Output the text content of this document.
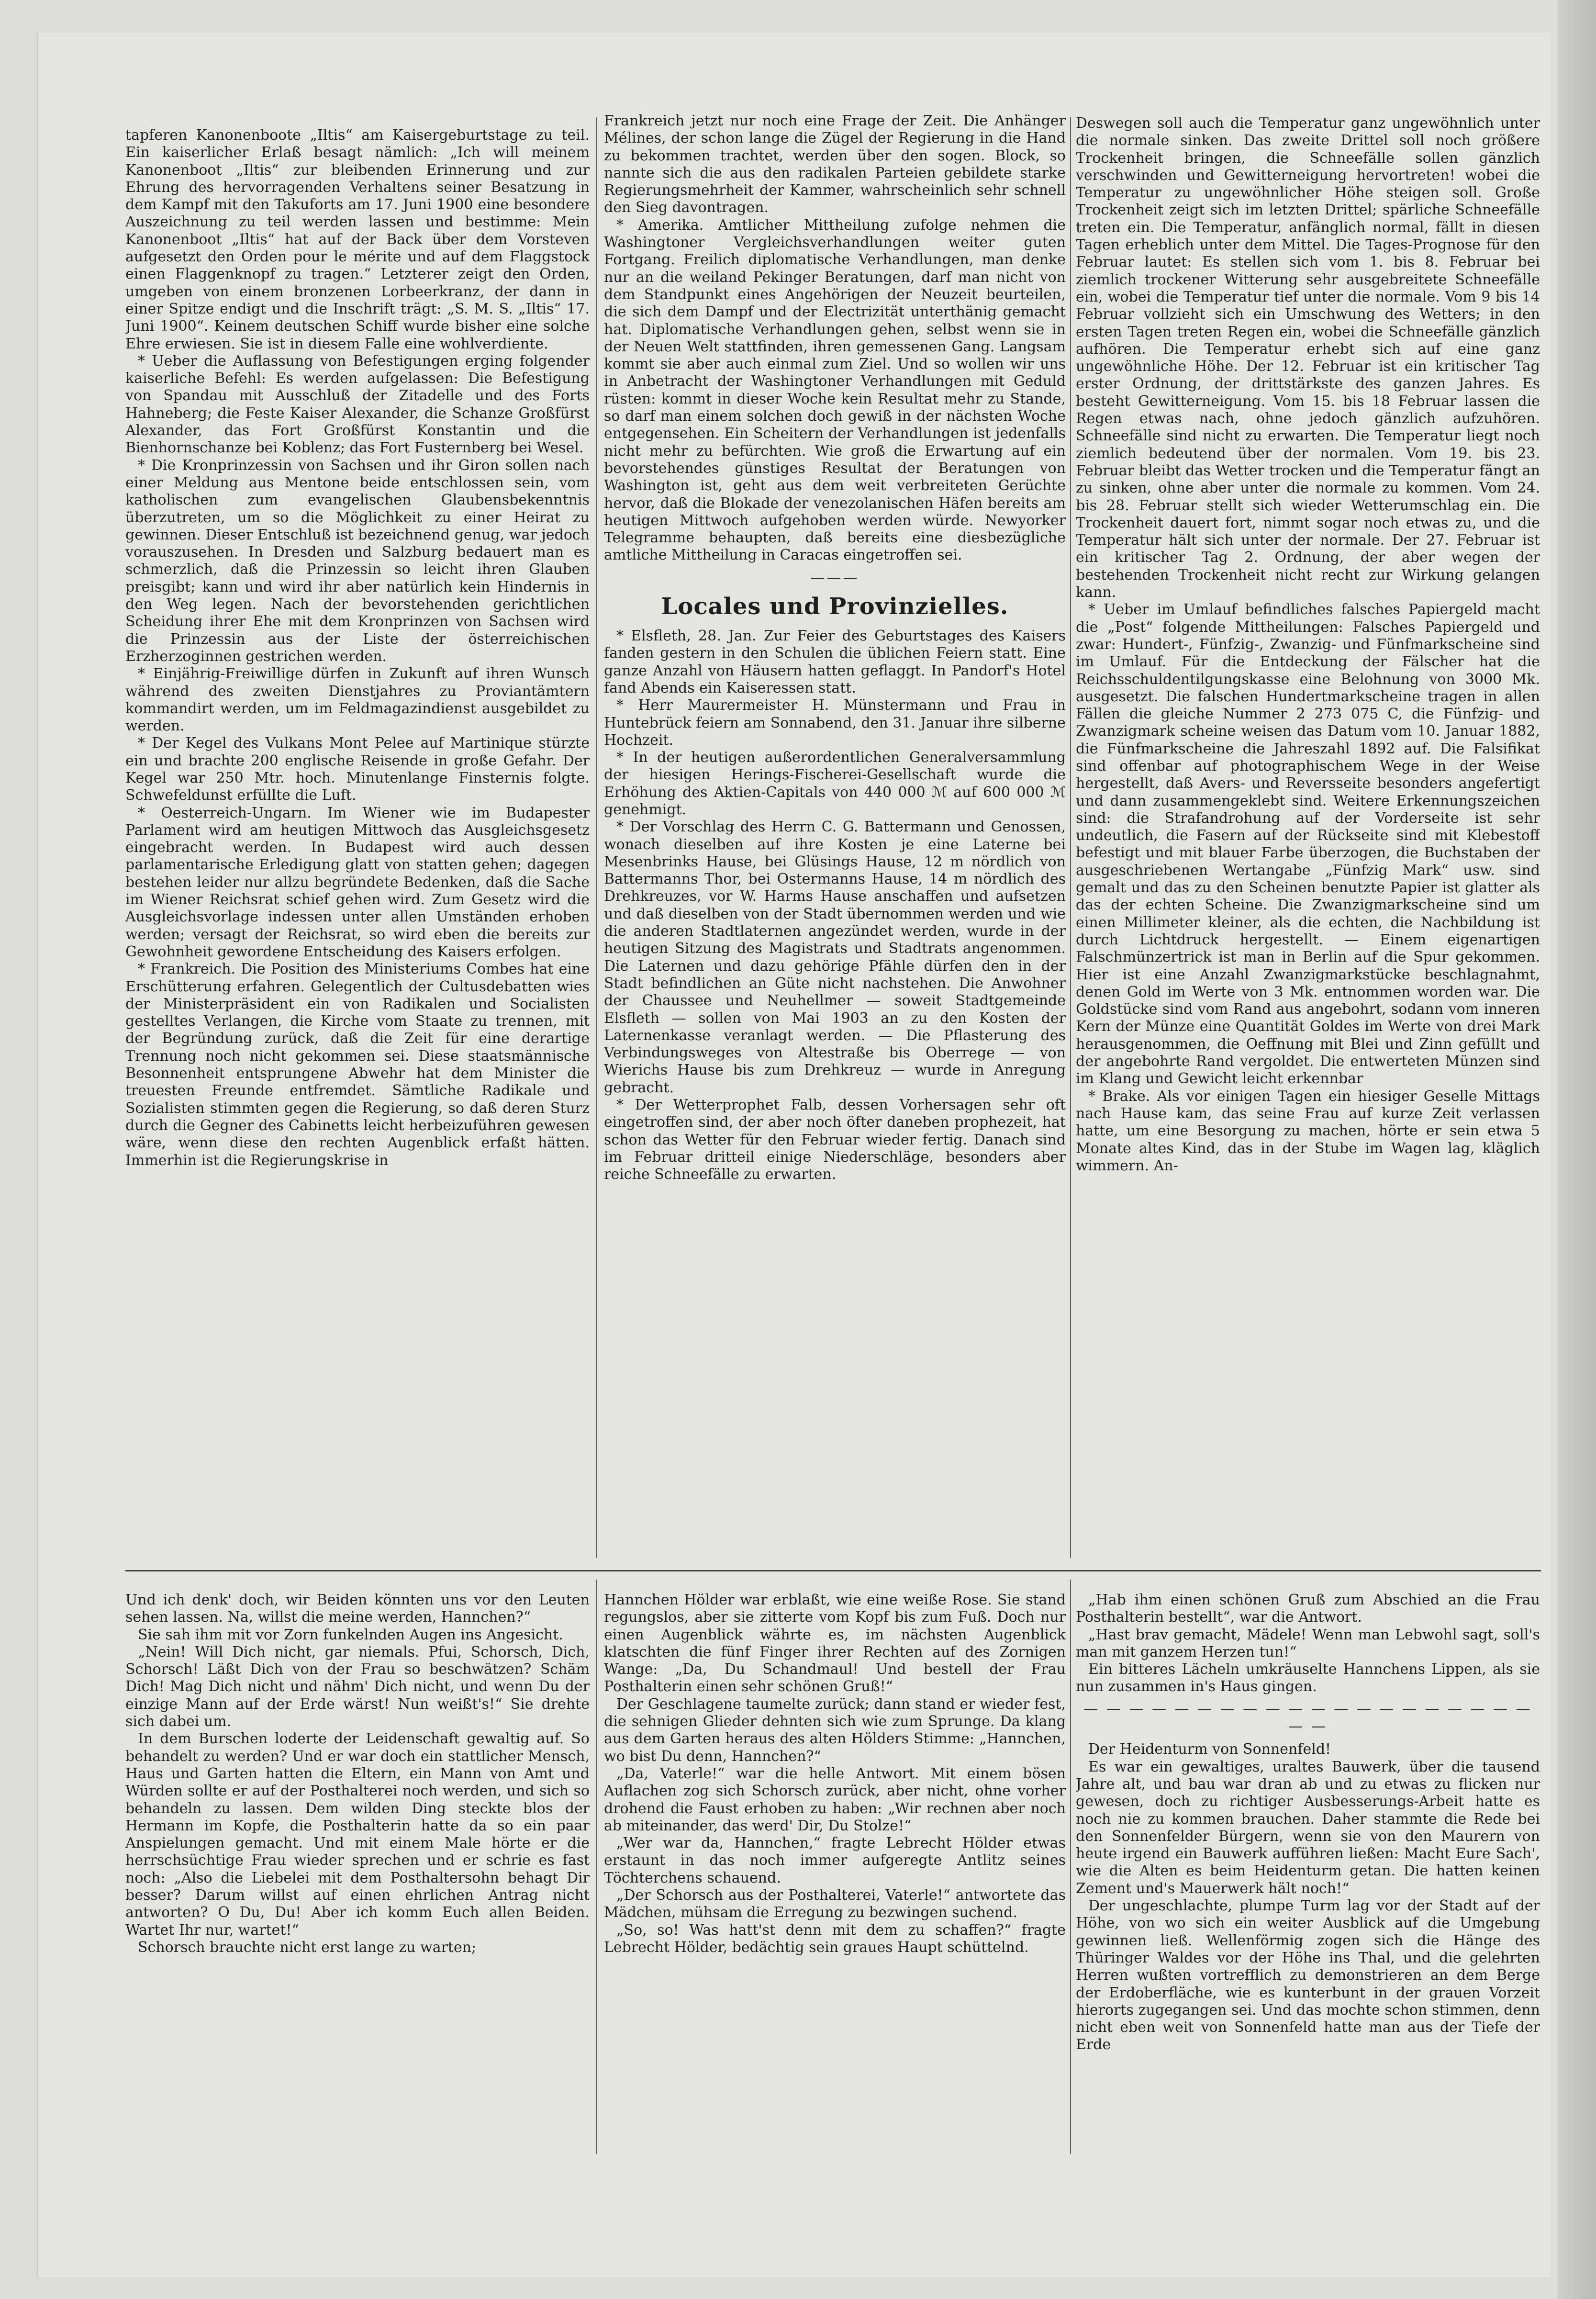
tapferen Kanonenboote „Iltis“ am Kaisergeburtstage zu teil. Ein kaiserlicher Erlaß besagt nämlich: „Ich will meinem Kanonenboot „Iltis“ zur bleibenden Erinnerung und zur Ehrung des hervorragenden Verhaltens seiner Besatzung in dem Kampf mit den Takuforts am 17. Juni 1900 eine besondere Auszeichnung zu teil werden lassen und bestimme: Mein Kanonenboot „Iltis“ hat auf der Back über dem Vorsteven aufgesetzt den Orden pour le mérite und auf dem Flaggstock einen Flaggenknopf zu tragen.“ Letzterer zeigt den Orden, umgeben von einem bronzenen Lorbeerkranz, der dann in einer Spitze endigt und die Inschrift trägt: „S. M. S. „Iltis“ 17. Juni 1900“. Keinem deutschen Schiff wurde bisher eine solche Ehre erwiesen. Sie ist in diesem Falle eine wohlverdiente.

* Ueber die Auflassung von Befestigungen erging folgender kaiserliche Befehl: Es werden aufgelassen: Die Befestigung von Spandau mit Ausschluß der Zitadelle und des Forts Hahneberg; die Feste Kaiser Alexander, die Schanze Großfürst Alexander, das Fort Großfürst Konstantin und die Bienhornschanze bei Koblenz; das Fort Fusternberg bei Wesel.

* Die Kronprinzessin von Sachsen und ihr Giron sollen nach einer Meldung aus Mentone beide entschlossen sein, vom katholischen zum evangelischen Glaubensbekenntnis überzutreten, um so die Möglichkeit zu einer Heirat zu gewinnen. Dieser Entschluß ist bezeichnend genug, war jedoch vorauszusehen. In Dresden und Salzburg bedauert man es schmerzlich, daß die Prinzessin so leicht ihren Glauben preisgibt; kann und wird ihr aber natürlich kein Hindernis in den Weg legen. Nach der bevorstehenden gerichtlichen Scheidung ihrer Ehe mit dem Kronprinzen von Sachsen wird die Prinzessin aus der Liste der österreichischen Erzherzoginnen gestrichen werden.

* Einjährig-Freiwillige dürfen in Zukunft auf ihren Wunsch während des zweiten Dienstjahres zu Proviantämtern kommandirt werden, um im Feldmagazindienst ausgebildet zu werden.

* Der Kegel des Vulkans Mont Pelee auf Martinique stürzte ein und brachte 200 englische Reisende in große Gefahr. Der Kegel war 250 Mtr. hoch. Minutenlange Finsternis folgte. Schwefeldunst erfüllte die Luft.

* Oesterreich-Ungarn. Im Wiener wie im Budapester Parlament wird am heutigen Mittwoch das Ausgleichsgesetz eingebracht werden. In Budapest wird auch dessen parlamentarische Erledigung glatt von statten gehen; dagegen bestehen leider nur allzu begründete Bedenken, daß die Sache im Wiener Reichsrat schief gehen wird. Zum Gesetz wird die Ausgleichsvorlage indessen unter allen Umständen erhoben werden; versagt der Reichsrat, so wird eben die bereits zur Gewohnheit gewordene Entscheidung des Kaisers erfolgen.

* Frankreich. Die Position des Ministeriums Combes hat eine Erschütterung erfahren. Gelegentlich der Cultusdebatten wies der Ministerpräsident ein von Radikalen und Socialisten gestelltes Verlangen, die Kirche vom Staate zu trennen, mit der Begründung zurück, daß die Zeit für eine derartige Trennung noch nicht gekommen sei. Diese staatsmännische Besonnenheit entsprungene Abwehr hat dem Minister die treuesten Freunde entfremdet. Sämtliche Radikale und Sozialisten stimmten gegen die Regierung, so daß deren Sturz durch die Gegner des Cabinetts leicht herbeizuführen gewesen wäre, wenn diese den rechten Augenblick erfaßt hätten. Immerhin ist die Regierungskrise in

Frankreich jetzt nur noch eine Frage der Zeit. Die Anhänger Mélines, der schon lange die Zügel der Regierung in die Hand zu bekommen trachtet, werden über den sogen. Block, so nannte sich die aus den radikalen Parteien gebildete starke Regierungsmehrheit der Kammer, wahrscheinlich sehr schnell den Sieg davontragen.

* Amerika. Amtlicher Mittheilung zufolge nehmen die Washingtoner Vergleichsverhandlungen weiter guten Fortgang. Freilich diplomatische Verhandlungen, man denke nur an die weiland Pekinger Beratungen, darf man nicht von dem Standpunkt eines Angehörigen der Neuzeit beurteilen, die sich dem Dampf und der Electrizität unterthänig gemacht hat. Diplomatische Verhandlungen gehen, selbst wenn sie in der Neuen Welt stattfinden, ihren gemessenen Gang. Langsam kommt sie aber auch einmal zum Ziel. Und so wollen wir uns in Anbetracht der Washingtoner Verhandlungen mit Geduld rüsten: kommt in dieser Woche kein Resultat mehr zu Stande, so darf man einem solchen doch gewiß in der nächsten Woche entgegensehen. Ein Scheitern der Verhandlungen ist jedenfalls nicht mehr zu befürchten. Wie groß die Erwartung auf ein bevorstehendes günstiges Resultat der Beratungen von Washington ist, geht aus dem weit verbreiteten Gerüchte hervor, daß die Blokade der venezolanischen Häfen bereits am heutigen Mittwoch aufgehoben werden würde. Newyorker Telegramme behaupten, daß bereits eine diesbezügliche amtliche Mittheilung in Caracas eingetroffen sei.

———
Locales und Provinzielles.

* Elsfleth, 28. Jan. Zur Feier des Geburtstages des Kaisers fanden gestern in den Schulen die üblichen Feiern statt. Eine ganze Anzahl von Häusern hatten geflaggt. In Pandorf's Hotel fand Abends ein Kaiseressen statt.

* Herr Maurermeister H. Münstermann und Frau in Huntebrück feiern am Sonnabend, den 31. Januar ihre silberne Hochzeit.

* In der heutigen außerordentlichen Generalversammlung der hiesigen Herings-Fischerei-Gesellschaft wurde die Erhöhung des Aktien-Capitals von 440 000 ℳ auf 600 000 ℳ genehmigt.

* Der Vorschlag des Herrn C. G. Battermann und Genossen, wonach dieselben auf ihre Kosten je eine Laterne bei Mesenbrinks Hause, bei Glüsings Hause, 12 m nördlich von Battermanns Thor, bei Ostermanns Hause, 14 m nördlich des Drehkreuzes, vor W. Harms Hause anschaffen und aufsetzen und daß dieselben von der Stadt übernommen werden und wie die anderen Stadtlaternen angezündet werden, wurde in der heutigen Sitzung des Magistrats und Stadtrats angenommen. Die Laternen und dazu gehörige Pfähle dürfen den in der Stadt befindlichen an Güte nicht nachstehen. Die Anwohner der Chaussee und Neuhellmer — soweit Stadtgemeinde Elsfleth — sollen von Mai 1903 an zu den Kosten der Laternenkasse veranlagt werden. — Die Pflasterung des Verbindungsweges von Altestraße bis Oberrege — von Wierichs Hause bis zum Drehkreuz — wurde in Anregung gebracht.

* Der Wetterprophet Falb, dessen Vorhersagen sehr oft eingetroffen sind, der aber noch öfter daneben prophezeit, hat schon das Wetter für den Februar wieder fertig. Danach sind im Februar dritteil einige Niederschläge, besonders aber reiche Schneefälle zu erwarten.

Deswegen soll auch die Temperatur ganz ungewöhnlich unter die normale sinken. Das zweite Drittel soll noch größere Trockenheit bringen, die Schneefälle sollen gänzlich verschwinden und Gewitterneigung hervortreten! wobei die Temperatur zu ungewöhnlicher Höhe steigen soll. Große Trockenheit zeigt sich im letzten Drittel; spärliche Schneefälle treten ein. Die Temperatur, anfänglich normal, fällt in diesen Tagen erheblich unter dem Mittel. Die Tages-Prognose für den Februar lautet: Es stellen sich vom 1. bis 8. Februar bei ziemlich trockener Witterung sehr ausgebreitete Schneefälle ein, wobei die Temperatur tief unter die normale. Vom 9 bis 14 Februar vollzieht sich ein Umschwung des Wetters; in den ersten Tagen treten Regen ein, wobei die Schneefälle gänzlich aufhören. Die Temperatur erhebt sich auf eine ganz ungewöhnliche Höhe. Der 12. Februar ist ein kritischer Tag erster Ordnung, der drittstärkste des ganzen Jahres. Es besteht Gewitterneigung. Vom 15. bis 18 Februar lassen die Regen etwas nach, ohne jedoch gänzlich aufzuhören. Schneefälle sind nicht zu erwarten. Die Temperatur liegt noch ziemlich bedeutend über der normalen. Vom 19. bis 23. Februar bleibt das Wetter trocken und die Temperatur fängt an zu sinken, ohne aber unter die normale zu kommen. Vom 24. bis 28. Februar stellt sich wieder Wetterumschlag ein. Die Trockenheit dauert fort, nimmt sogar noch etwas zu, und die Temperatur hält sich unter der normale. Der 27. Februar ist ein kritischer Tag 2. Ordnung, der aber wegen der bestehenden Trockenheit nicht recht zur Wirkung gelangen kann.

* Ueber im Umlauf befindliches falsches Papiergeld macht die „Post“ folgende Mittheilungen: Falsches Papiergeld und zwar: Hundert-, Fünfzig-, Zwanzig- und Fünfmarkscheine sind im Umlauf. Für die Entdeckung der Fälscher hat die Reichsschuldentilgungskasse eine Belohnung von 3000 Mk. ausgesetzt. Die falschen Hundertmarkscheine tragen in allen Fällen die gleiche Nummer 2 273 075 C, die Fünfzig- und Zwanzigmark scheine weisen das Datum vom 10. Januar 1882, die Fünfmarkscheine die Jahreszahl 1892 auf. Die Falsifikat sind offenbar auf photographischem Wege in der Weise hergestellt, daß Avers- und Reversseite besonders angefertigt und dann zusammengeklebt sind. Weitere Erkennungszeichen sind: die Strafandrohung auf der Vorderseite ist sehr undeutlich, die Fasern auf der Rückseite sind mit Klebestoff befestigt und mit blauer Farbe überzogen, die Buchstaben der ausgeschriebenen Wertangabe „Fünfzig Mark“ usw. sind gemalt und das zu den Scheinen benutzte Papier ist glatter als das der echten Scheine. Die Zwanzigmarkscheine sind um einen Millimeter kleiner, als die echten, die Nachbildung ist durch Lichtdruck hergestellt. — Einem eigenartigen Falschmünzertrick ist man in Berlin auf die Spur gekommen. Hier ist eine Anzahl Zwanzigmarkstücke beschlagnahmt, denen Gold im Werte von 3 Mk. entnommen worden war. Die Goldstücke sind vom Rand aus angebohrt, sodann vom inneren Kern der Münze eine Quantität Goldes im Werte von drei Mark herausgenommen, die Oeffnung mit Blei und Zinn gefüllt und der angebohrte Rand vergoldet. Die entwerteten Münzen sind im Klang und Gewicht leicht erkennbar

* Brake. Als vor einigen Tagen ein hiesiger Geselle Mittags nach Hause kam, das seine Frau auf kurze Zeit verlassen hatte, um eine Besorgung zu machen, hörte er sein etwa 5 Monate altes Kind, das in der Stube im Wagen lag, kläglich wimmern. An-

Und ich denk' doch, wir Beiden könnten uns vor den Leuten sehen lassen. Na, willst die meine werden, Hannchen?“

Sie sah ihm mit vor Zorn funkelnden Augen ins Angesicht.

„Nein! Will Dich nicht, gar niemals. Pfui, Schorsch, Dich, Schorsch! Läßt Dich von der Frau so beschwätzen? Schäm Dich! Mag Dich nicht und nähm' Dich nicht, und wenn Du der einzige Mann auf der Erde wärst! Nun weißt's!“ Sie drehte sich dabei um.

In dem Burschen loderte der Leidenschaft gewaltig auf. So behandelt zu werden? Und er war doch ein stattlicher Mensch, Haus und Garten hatten die Eltern, ein Mann von Amt und Würden sollte er auf der Posthalterei noch werden, und sich so behandeln zu lassen. Dem wilden Ding steckte blos der Hermann im Kopfe, die Posthalterin hatte da so ein paar Anspielungen gemacht. Und mit einem Male hörte er die herrschsüchtige Frau wieder sprechen und er schrie es fast noch: „Also die Liebelei mit dem Posthaltersohn behagt Dir besser? Darum willst auf einen ehrlichen Antrag nicht antworten? O Du, Du! Aber ich komm Euch allen Beiden. Wartet Ihr nur, wartet!“

Schorsch brauchte nicht erst lange zu warten;

Hannchen Hölder war erblaßt, wie eine weiße Rose. Sie stand regungslos, aber sie zitterte vom Kopf bis zum Fuß. Doch nur einen Augenblick währte es, im nächsten Augenblick klatschten die fünf Finger ihrer Rechten auf des Zornigen Wange: „Da, Du Schandmaul! Und bestell der Frau Posthalterin einen sehr schönen Gruß!“

Der Geschlagene taumelte zurück; dann stand er wieder fest, die sehnigen Glieder dehnten sich wie zum Sprunge. Da klang aus dem Garten heraus des alten Hölders Stimme: „Hannchen, wo bist Du denn, Hannchen?“

„Da, Vaterle!“ war die helle Antwort. Mit einem bösen Auflachen zog sich Schorsch zurück, aber nicht, ohne vorher drohend die Faust erhoben zu haben: „Wir rechnen aber noch ab miteinander, das werd' Dir, Du Stolze!“

„Wer war da, Hannchen,“ fragte Lebrecht Hölder etwas erstaunt in das noch immer aufgeregte Antlitz seines Töchterchens schauend.

„Der Schorsch aus der Posthalterei, Vaterle!“ antwortete das Mädchen, mühsam die Erregung zu bezwingen suchend.

„So, so! Was hatt'st denn mit dem zu schaffen?“ fragte Lebrecht Hölder, bedächtig sein graues Haupt schüttelnd.

„Hab ihm einen schönen Gruß zum Abschied an die Frau Posthalterin bestellt“, war die Antwort.

„Hast brav gemacht, Mädele! Wenn man Lebwohl sagt, soll's man mit ganzem Herzen tun!“

Ein bitteres Lächeln umkräuselte Hannchens Lippen, als sie nun zusammen in's Haus gingen.

— — — — — — — — — — — — — — — — — — — — — —

Der Heidenturm von Sonnenfeld!

Es war ein gewaltiges, uraltes Bauwerk, über die tausend Jahre alt, und bau war dran ab und zu etwas zu flicken nur gewesen, doch zu richtiger Ausbesserungs-Arbeit hatte es noch nie zu kommen brauchen. Daher stammte die Rede bei den Sonnenfelder Bürgern, wenn sie von den Maurern von heute irgend ein Bauwerk aufführen ließen: Macht Eure Sach', wie die Alten es beim Heidenturm getan. Die hatten keinen Zement und's Mauerwerk hält noch!“

Der ungeschlachte, plumpe Turm lag vor der Stadt auf der Höhe, von wo sich ein weiter Ausblick auf die Umgebung gewinnen ließ. Wellenförmig zogen sich die Hänge des Thüringer Waldes vor der Höhe ins Thal, und die gelehrten Herren wußten vortrefflich zu demonstrieren an dem Berge der Erdoberfläche, wie es kunterbunt in der grauen Vorzeit hierorts zugegangen sei. Und das mochte schon stimmen, denn nicht eben weit von Sonnenfeld hatte man aus der Tiefe der Erde
